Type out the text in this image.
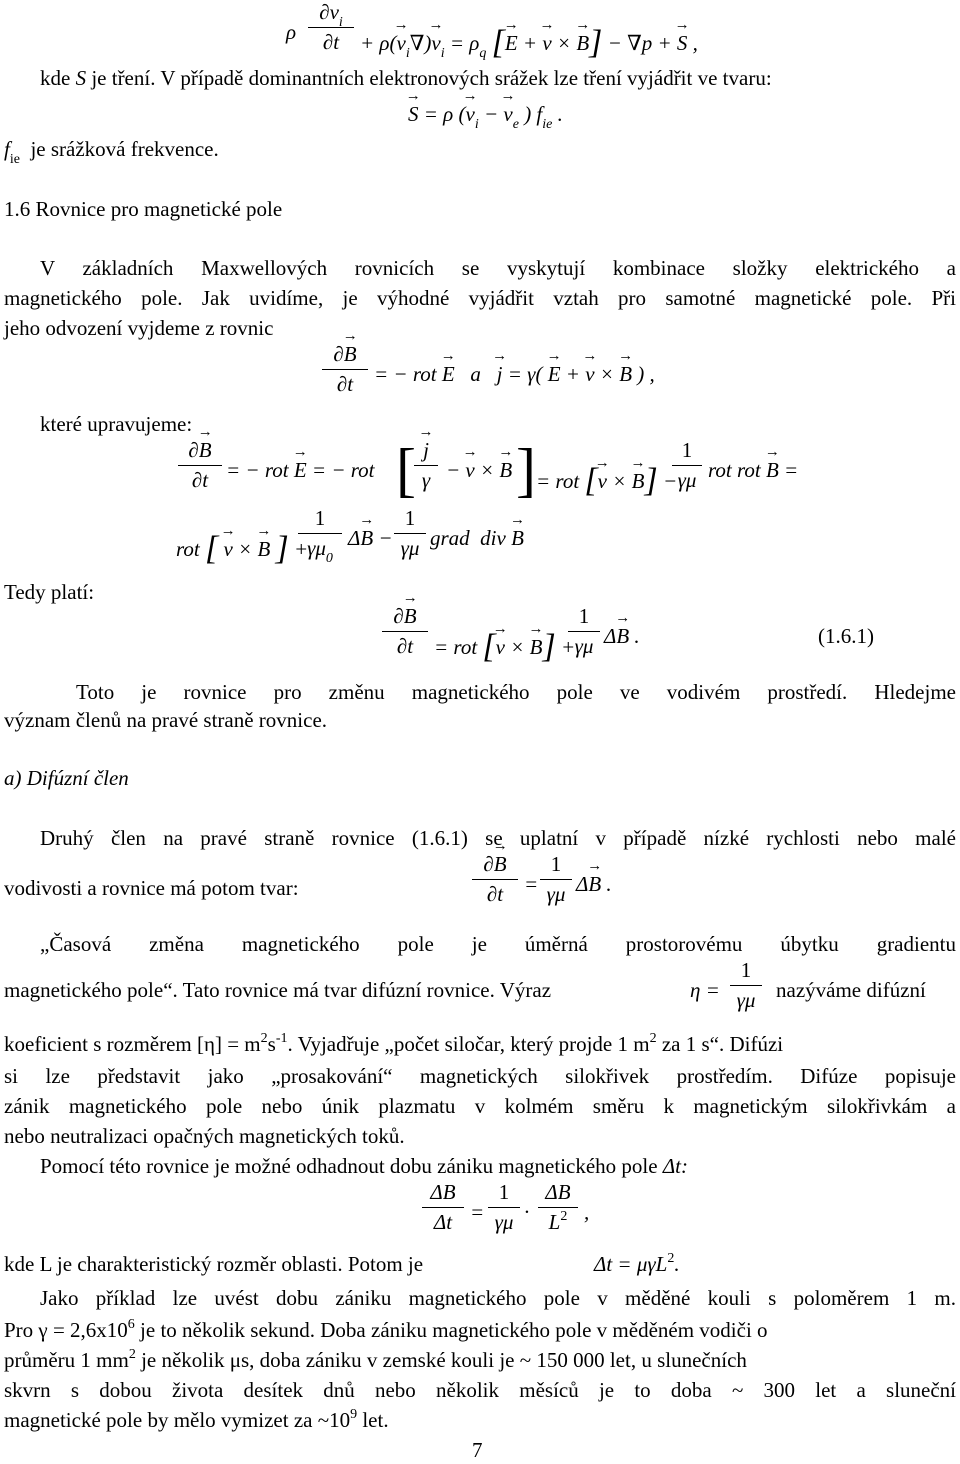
ρ
∂→ $v_i$
$\partial t + \rho(\to v_i\nabla)\to v_i = \rho_q$ [→ E + → v × → B] − ∇p + → S ,
kde S je tření. V případě dominantních elektronových srážek lze tření vyjádřit ve tvaru:
→ S = ρ (→ $v_i$ − → $v_e$ ) $f_{ie}$ .
$f_{ie}$ je srážková frekvence.
1.6 Rovnice pro magnetické pole
V základních Maxwellových rovnicích se vyskytují kombinace složky elektrického a
magnetického pole. Jak uvidíme, je výhodné vyjádřit vztah pro samotné magnetické pole. Při
jeho odvození vyjdeme z rovnic
∂→ B
∂t = − rot → E   a   → j = γ( → E + → v × → B ) ,
které upravujeme:
∂→ B
∂t = − rot → E = − rot [ → j
γ − → v × → B ] = rot [→ v × → B] −
1
γμ rot rot → B =
rot [ → v × → B ] +
1
$\gamma\mu_0$
Δ→ B −
1
γμ grad  div → B
Tedy platí:
∂→ B
∂t = rot [→ v × → B] +
1
γμ Δ→ B .	(1.6.1)
Toto je rovnice pro změnu magnetického pole ve vodivém prostředí. Hledejme
význam členů na pravé straně rovnice.
a) Difúzní člen
Druhý člen na pravé straně rovnice (1.6.1) se uplatní v případě nízké rychlosti nebo malé
vodivosti a rovnice má potom tvar:
∂→ B
∂t =
1
γμ Δ→ B .
„Časová změna magnetického pole je úměrná prostorovému úbytku gradientu
magnetického pole“. Tato rovnice má tvar difúzní rovnice. Výraz	η =
1
γμ nazýváme difúzní
koeficient s rozměrem $[\eta] = m^2s^{-1}$. Vyjadřuje „počet siločar, který projde 1 $m^2$ za 1 s“. Difúzi
si lze představit jako „prosakování“ magnetických silokřivek prostředím. Difúze popisuje
zánik magnetického pole nebo únik plazmatu v kolmém směru k magnetickým silokřivkám a
nebo neutralizaci opačných magnetických toků.
Pomocí této rovnice je možné odhadnout dobu zániku magnetického pole Δt:
ΔB
Δt =
1
γμ ·
ΔB
$L^2$ ,
kde L je charakteristický rozměr oblasti. Potom je	Δt = μγL$^2$.
Jako příklad lze uvést dobu zániku magnetického pole v měděné kouli s poloměrem 1 m.
Pro $\gamma = 2,6x10^6$ je to několik sekund. Doba zániku magnetického pole v měděném vodiči o
průměru 1 $mm^2$ je několik μs, doba zániku v zemské kouli je ~ 150 000 let, u slunečních
skvrn s dobou života desítek dnů nebo několik měsíců je to doba ~ 300 let a sluneční
magnetické pole by mělo vymizet za $\sim 10^9$ let.
7
